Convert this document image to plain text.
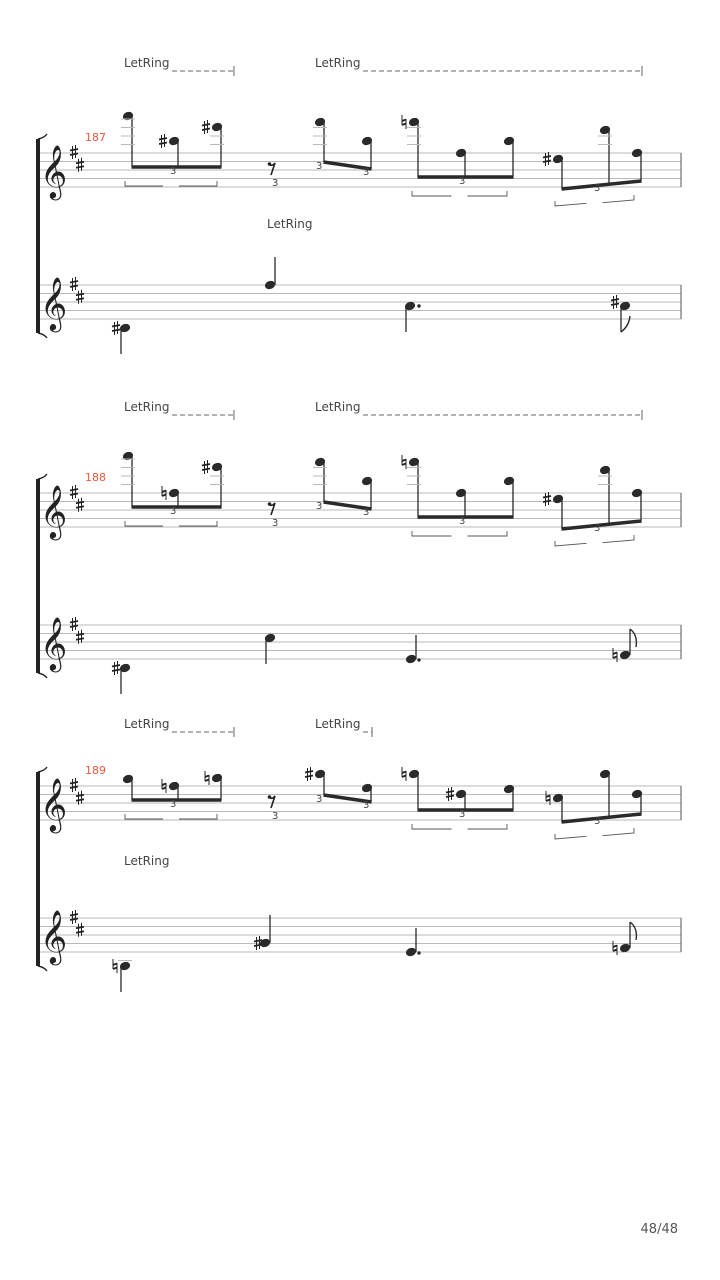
𝄞
𝄞
LetRing	LetRing
187
3
3
3
3
3
3
LetRing
𝄞
𝄞
LetRing	LetRing
188
3
3
3
3
3
3
𝄞
𝄞
LetRing	LetRing
189
3
3
3
3
3
3
LetRing
48/48
